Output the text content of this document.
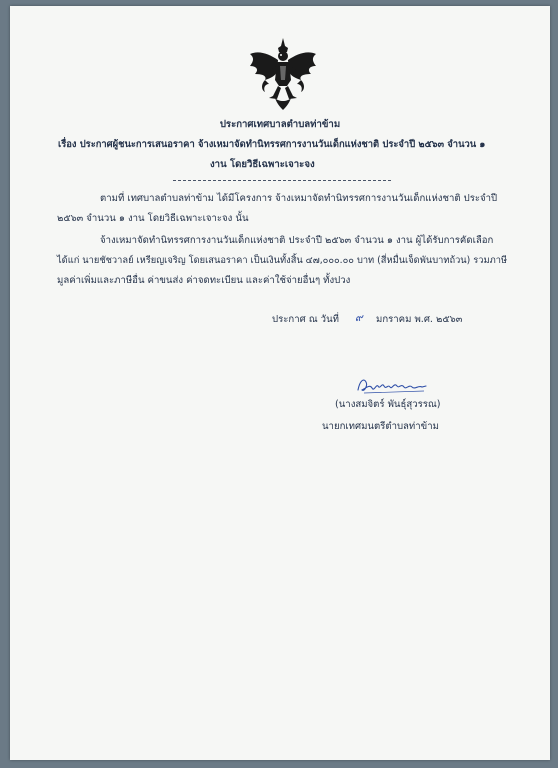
ประกาศเทศบาลตำบลท่าข้าม
เรื่อง ประกาศผู้ชนะการเสนอราคา จ้างเหมาจัดทำนิทรรศการงานวันเด็กแห่งชาติ ประจำปี ๒๕๖๓ จำนวน ๑
งาน โดยวิธีเฉพาะเจาะจง
ตามที่ เทศบาลตำบลท่าข้าม ได้มีโครงการ จ้างเหมาจัดทำนิทรรศการงานวันเด็กแห่งชาติ ประจำปี
๒๕๖๓ จำนวน ๑ งาน โดยวิธีเฉพาะเจาะจง นั้น
จ้างเหมาจัดทำนิทรรศการงานวันเด็กแห่งชาติ ประจำปี ๒๕๖๓ จำนวน ๑ งาน ผู้ได้รับการคัดเลือก
ได้แก่ นายชัชวาลย์ เหรียญเจริญ โดยเสนอราคา เป็นเงินทั้งสิ้น ๔๗,๐๐๐.๐๐ บาท (สี่หมื่นเจ็ดพันบาทถ้วน) รวมภาษี
มูลค่าเพิ่มและภาษีอื่น ค่าขนส่ง ค่าจดทะเบียน และค่าใช้จ่ายอื่นๆ ทั้งปวง
ประกาศ ณ วันที่ ๙ มกราคม พ.ศ. ๒๕๖๓
(นางสมจิตร์ พันธุ์สุวรรณ)
นายกเทศมนตรีตำบลท่าข้าม
